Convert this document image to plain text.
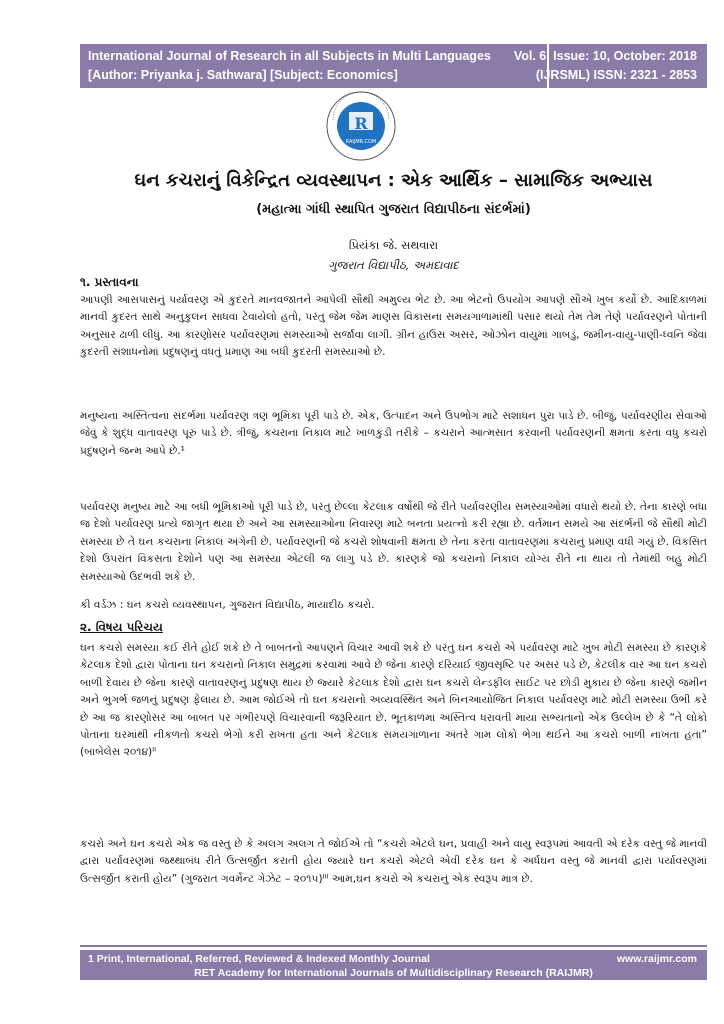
International Journal of Research in all Subjects in Multi Languages
[Author: Priyanka j. Sathwara] [Subject: Economics]
Vol. 6, Issue: 10, October: 2018
(IJRSML) ISSN: 2321 - 2853
R
RAIJMR.COM
ઘન કચરાનું વિકેન્દ્રિત વ્યવસ્થાપન : એક આર્થિક – સામાજિક અભ્યાસ
(મહાત્મા ગાંધી સ્થાપિત ગુજરાત વિદ્યાપીઠના સંદર્ભમાં)
પ્રિયંકા જે. સથવારા
ગુજરાત વિદ્યાપીઠ, અમદાવાદ
૧. પ્રસ્તાવના

આપણી આસપાસનું પર્યાવરણ એ કુદરતે માનવજાતને આપેલી સૌથી અમુલ્ય ભેટ છે. આ ભેટનો ઉપયોગ આપણે સૌએ ખુબ કર્યો છે. આદિકાળમાં માનવી કુદરત સાથે અનુકુલન સાધવા ટેવાયેલો હતો, પરંતુ જેમ જેમ માણસ વિકાસના સમયગાળામાંથી પસાર થયો તેમ તેમ તેણે પર્યાવરણને પોતાની અનુસાર ઢાળી લીધું. આ કારણોસર પર્યાવરણમાં સમસ્યાઓ સર્જાવા લાગી. ગ્રીન હાઉસ અસર, ઓઝોન વાયુમાં ગાબડું, જમીન-વાયુ-પાણી-ધ્વનિ જેવા કુદરતી સંશાધનોમાં પ્રદુષણનું વધતું પ્રમાણ આ બધી કુદરતી સમસ્યાઓ છે.

મનુષ્યના અસ્તિત્વના સંદર્ભમાં પર્યાવરણ ત્રણ ભૂમિકા પૂરી પાડે છે. એક, ઉત્પાદન અને ઉપભોગ માટે સંશાધન પુરા પાડે છે. બીજું, પર્યાવરણીય સેવાઓ જેવું કે શુદ્ધ વાતાવરણ પૂરું પાડે છે. ત્રીજું, કચરાના નિકાલ માટે ખાળકુંડી તરીકે – કચરાને આત્મસાત કરવાની પર્યાવરણની ક્ષમતા કરતા વધુ કચરો પ્રદુષણને જન્મ આપે છે.¹

પર્યાવરણ મનુષ્ય માટે આ બધી ભૂમિકાઓ પૂરી પાડે છે, પરંતુ છેલ્લા કેટલાક વર્ષોથી જે રીતે પર્યાવરણીય સમસ્યાઓમાં વધારો થયો છે. તેના કારણે બધા જ દેશો પર્યાવરણ પ્રત્યે જાગૃત થયા છે અને આ સમસ્યાઓના નિવારણ માટે બનતા પ્રયત્નો કરી રહ્યા છે. વર્તમાન સમયે આ સંદર્ભની જે સૌથી મોટી સમસ્યા છે તે ઘન કચરાના નિકાલ અંગેની છે. પર્યાવરણની જે કચરો શોષવાની ક્ષમતા છે તેના કરતા વાતાવરણમાં કચરાનું પ્રમાણ વધી ગયું છે. વિકસિત દેશો ઉપરાંત વિકસતા દેશોને પણ આ સમસ્યા એટલી જ લાગુ પડે છે. કારણકે જો કચરાનો નિકાલ યોગ્ય રીતે ના થાય તો તેમાંથી બહુ મોટી સમસ્યાઓ ઉદભવી શકે છે.

કી વર્ડઝ : ઘન કચરો વ્યવસ્થાપન, ગુજરાત વિદ્યાપીઠ, માયાદીઠ કચરો.

૨. વિષય પરિચય

ઘન કચરો સમસ્યા કઈ રીતે હોઈ શકે છે તે બાબતનો આપણને વિચાર આવી શકે છે પરંતુ ઘન કચરો એ પર્યાવરણ માટે ખુબ મોટી સમસ્યા છે કારણકે કેટલાક દેશો દ્વારા પોતાના ઘન કચરાનો નિકાલ સમુદ્રમાં કરવામાં આવે છે જેના કારણે દરિયાઈ જીવસૃષ્ટિ પર અસર પડે છે, કેટલીક વાર આ ઘન કચરો બાળી દેવાય છે જેના કારણે વાતાવરણનું પ્રદુષણ થાય છે જ્યારે કેટલાક દેશો દ્વારા ઘન કચરો લેન્ડફીલ સાઈટ પર છોડી મુકાય છે જેના કારણે જમીન અને ભુગર્ભ જળનું પ્રદુષણ ફેલાય છે. આમ જોઈએ તો ઘન કચરાનો અવ્યવસ્થિત અને બિનઆયોજિત નિકાલ પર્યાવરણ માટે મોટી સમસ્યા ઉભી કરે છે આ જ કારણોસર આ બાબત પર ગંભીરપણે વિચારવાની જરૂરિયાત છે. ભૂતકાળમાં અસ્તિત્વ ધરાવતી માયા સભ્યતાનો એક ઉલ્લેખ છે કે “તે લોકો પોતાના ઘરમાંથી નીકળતો કચરો ભેગો કરી રાખતા હતા અને કેટલાક સમયગાળાના અંતરે ગામ લોકો ભેગા થઈને આ કચરો બાળી નાખતા હતા” (બાબેલેસ ૨૦૧૪)ᴵᴵ

કચરો અને ઘન કચરો એક જ વસ્તુ છે કે અલગ અલગ તે જોઈએ તો “કચરો એટલે ઘન, પ્રવાહી અને વાયુ સ્વરૂપમાં આવતી એ દરેક વસ્તુ જે માનવી દ્વારા પર્યાવરણમાં જથ્થાબંધ રીતે ઉત્સર્જીત કરાતી હોય જ્યારે ઘન કચરો એટલે એવી દરેક ઘન કે અર્ધઘન વસ્તુ જે માનવી દ્વારા પર્યાવરણમાં ઉત્સર્જીત કરાતી હોય” (ગુજરાત ગવર્મેન્ટ ગેઝેટ – ૨૦૧૫)ᴵᴵᴵ આમ,ઘન કચરો એ કચરાનું એક સ્વરૂપ માત્ર છે.

1 Print, International, Referred, Reviewed & Indexed Monthly Journal	www.raijmr.com
RET Academy for International Journals of Multidisciplinary Research (RAIJMR)
